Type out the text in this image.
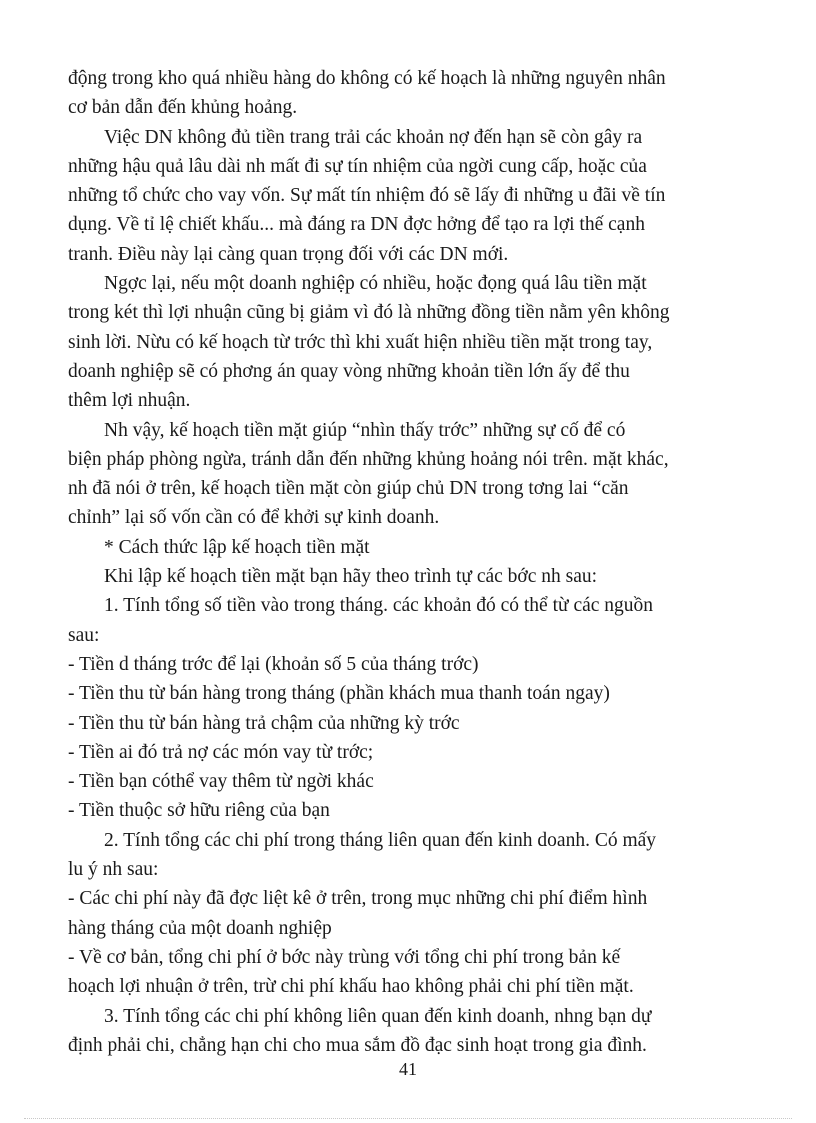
động trong kho quá nhiều hàng do không có kế hoạch là những nguyên nhân
cơ bản dẫn đến khủng hoảng.
Việc DN không đủ tiền trang trải các khoản nợ đến hạn sẽ còn gây ra
những hậu quả lâu dài nh mất đi sự tín nhiệm của ngời cung cấp, hoặc của
những tổ chức cho vay vốn. Sự mất tín nhiệm đó sẽ lấy đi những u đãi về tín
dụng. Về tỉ lệ chiết khấu... mà đáng ra DN đợc hởng để tạo ra lợi thế cạnh
tranh. Điều này lại càng quan trọng đối với các DN mới.
Ngợc lại, nếu một doanh nghiệp có nhiều, hoặc đọng quá lâu tiền mặt
trong két thì lợi nhuận cũng bị giảm vì đó là những đồng tiền nằm yên không
sinh lời. Nừu có kế hoạch từ trớc thì khi xuất hiện nhiều tiền mặt trong tay,
doanh nghiệp sẽ có phơng án quay vòng những khoản tiền lớn ấy để thu
thêm lợi nhuận.
Nh vậy, kế hoạch tiền mặt giúp “nhìn thấy trớc” những sự cố để có
biện pháp phòng ngừa, tránh dẫn đến những khủng hoảng nói trên. mặt khác,
nh đã nói ở trên, kế hoạch tiền mặt còn giúp chủ DN trong tơng lai “căn
chỉnh” lại số vốn cần có để khởi sự kinh doanh.
* Cách thức lập kế hoạch tiền mặt
Khi lập kế hoạch tiền mặt bạn hãy theo trình tự các bớc nh sau:
1. Tính tổng số tiền vào trong tháng. các khoản đó có thể từ các nguồn
sau:
- Tiền d tháng trớc để lại (khoản số 5 của tháng trớc)
- Tiền thu từ bán hàng trong tháng (phần khách mua thanh toán ngay)
- Tiền thu từ bán hàng trả chậm của những kỳ trớc
- Tiền ai đó trả nợ các món vay từ trớc;
- Tiền bạn cóthể vay thêm từ ngời khác
- Tiền thuộc sở hữu riêng của bạn
2. Tính tổng các chi phí trong tháng liên quan đến kinh doanh. Có mấy
lu ý nh sau:
- Các chi phí này đã đợc liệt kê ở trên, trong mục những chi phí điểm hình
hàng tháng của một doanh nghiệp
- Về cơ bản, tổng chi phí ở bớc này trùng với tổng chi phí trong bản kế
hoạch lợi nhuận ở trên, trừ chi phí khấu hao không phải chi phí tiền mặt.
3. Tính tổng các chi phí không liên quan đến kinh doanh, nhng bạn dự
định phải chi, chẳng hạn chi cho mua sắm đồ đạc sinh hoạt trong gia đình.
41
